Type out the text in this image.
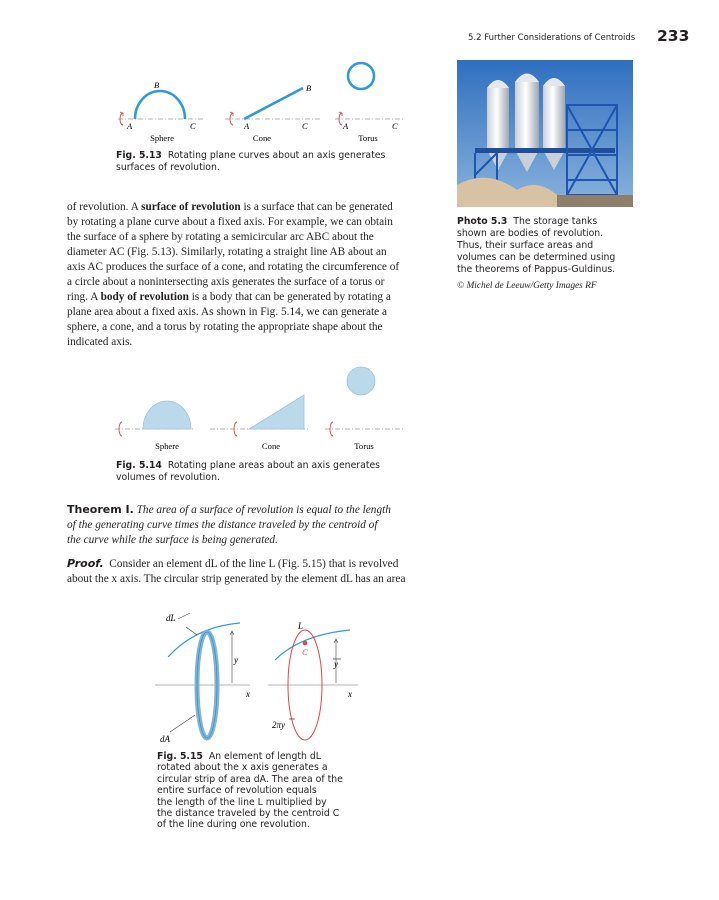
5.2 Further Considerations of Centroids 233
B
A	C
Sphere
B
A	C
Cone
A	C
Torus
Fig. 5.13 Rotating plane curves about an axis generates
surfaces of revolution.
Photo 5.3 The storage tanks
shown are bodies of revolution.
Thus, their surface areas and
volumes can be determined using
the theorems of Pappus-Guldinus.
© Michel de Leeuw/Getty Images RF
of revolution. A surface of revolution is a surface that can be generated
by rotating a plane curve about a fixed axis. For example, we can obtain
the surface of a sphere by rotating a semicircular arc ABC about the
diameter AC (Fig. 5.13). Similarly, rotating a straight line AB about an
axis AC produces the surface of a cone, and rotating the circumference of
a circle about a nonintersecting axis generates the surface of a torus or
ring. A body of revolution is a body that can be generated by rotating a
plane area about a fixed axis. As shown in Fig. 5.14, we can generate a
sphere, a cone, and a torus by rotating the appropriate shape about the
indicated axis.
Sphere	Cone	Torus
Fig. 5.14 Rotating plane areas about an axis generates
volumes of revolution.
Theorem I. The area of a surface of revolution is equal to the length
of the generating curve times the distance traveled by the centroid of
the curve while the surface is being generated.
Proof. Consider an element dL of the line L (Fig. 5.15) that is revolved
about the x axis. The circular strip generated by the element dL has an area
dL
y
x
dA
L
C
y
x
2πy
Fig. 5.15 An element of length dL
rotated about the x axis generates a
circular strip of area dA. The area of the
entire surface of revolution equals
the length of the line L multiplied by
the distance traveled by the centroid C
of the line during one revolution.
